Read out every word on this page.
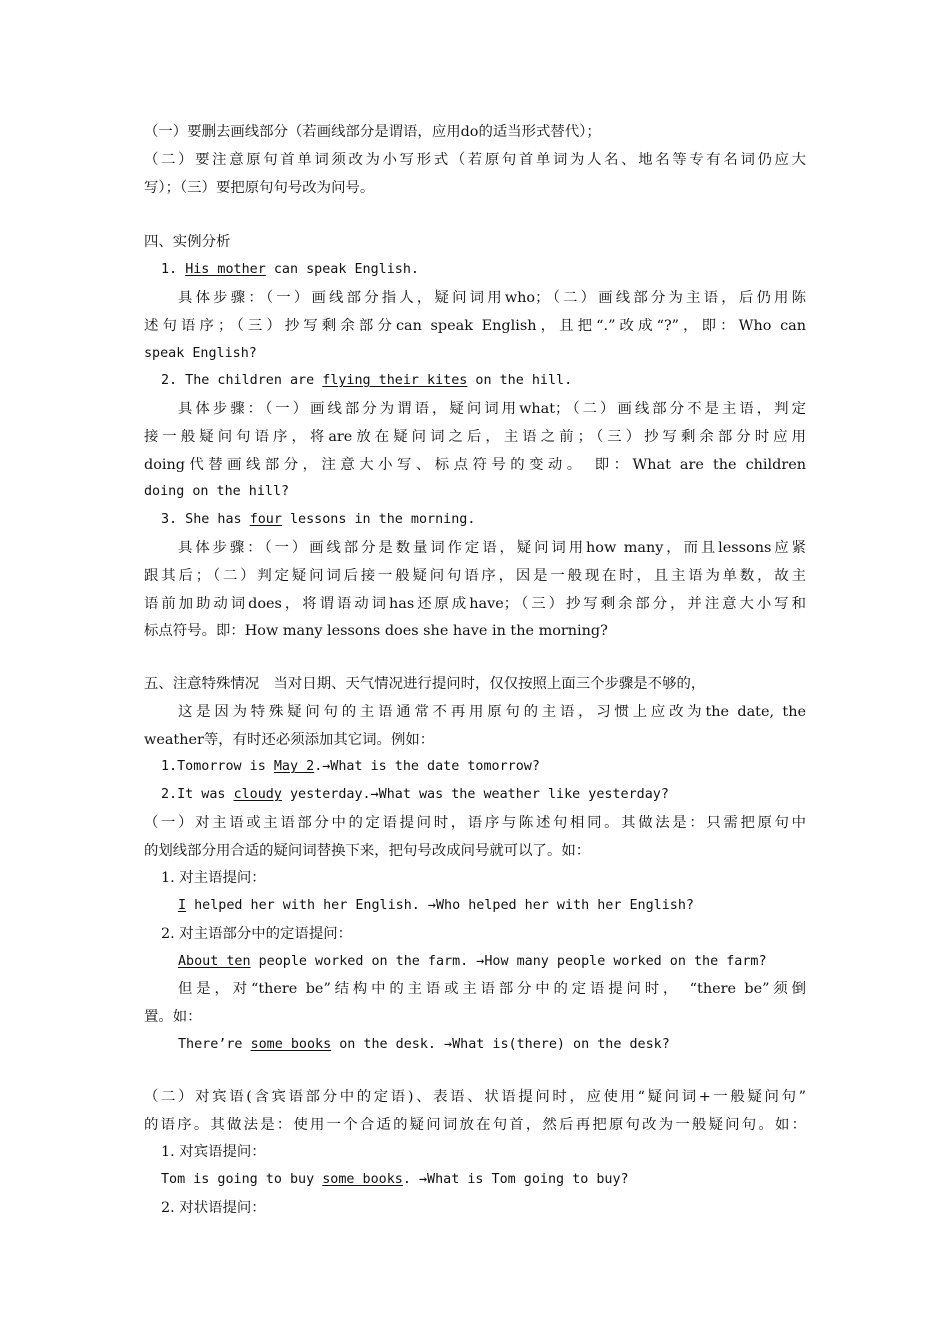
（一）要删去画线部分（若画线部分是谓语，应用do的适当形式替代）；
（二）要注意原句首单词须改为小写形式（若原句首单词为人名、地名等专有名词仍应大
写）；（三）要把原句句号改为问号。
四、实例分析
1. His mother can speak English.
具体步骤：（一）画线部分指人，疑问词用who；（二）画线部分为主语，后仍用陈
述句语序；（三）抄写剩余部分can speak English，且把“.”改成“?”，即：Who can
speak English?
2. The children are flying their kites on the hill.
具体步骤：（一）画线部分为谓语，疑问词用what；（二）画线部分不是主语，判定
接一般疑问句语序，将are放在疑问词之后，主语之前；（三）抄写剩余部分时应用
doing代替画线部分，注意大小写、标点符号的变动。 即：What are the children
doing on the hill?
3. She has four lessons in the morning.
具体步骤：（一）画线部分是数量词作定语，疑问词用how many，而且lessons应紧
跟其后；（二）判定疑问词后接一般疑问句语序，因是一般现在时，且主语为单数，故主
语前加助动词does，将谓语动词has还原成have；（三）抄写剩余部分，并注意大小写和
标点符号。即：How many lessons does she have in the morning?
五、注意特殊情况　当对日期、天气情况进行提问时，仅仅按照上面三个步骤是不够的，
这是因为特殊疑问句的主语通常不再用原句的主语，习惯上应改为the date, the
weather等，有时还必须添加其它词。例如：
1.Tomorrow is May 2.→What is the date tomorrow?
2.It was cloudy yesterday.→What was the weather like yesterday?
（一）对主语或主语部分中的定语提问时，语序与陈述句相同。其做法是：只需把原句中
的划线部分用合适的疑问词替换下来，把句号改成问号就可以了。如：
1. 对主语提问：
I helped her with her English. →Who helped her with her English?
2. 对主语部分中的定语提问：
About ten people worked on the farm. →How many people worked on the farm?
但是，对“there be”结构中的主语或主语部分中的定语提问时， “there be”须倒
置。如：
There’re some books on the desk. →What is(there) on the desk?
（二）对宾语(含宾语部分中的定语)、表语、状语提问时，应使用“疑问词+一般疑问句”
的语序。其做法是：使用一个合适的疑问词放在句首，然后再把原句改为一般疑问句。如：
1. 对宾语提问：
Tom is going to buy some books. →What is Tom going to buy?
2. 对状语提问：
